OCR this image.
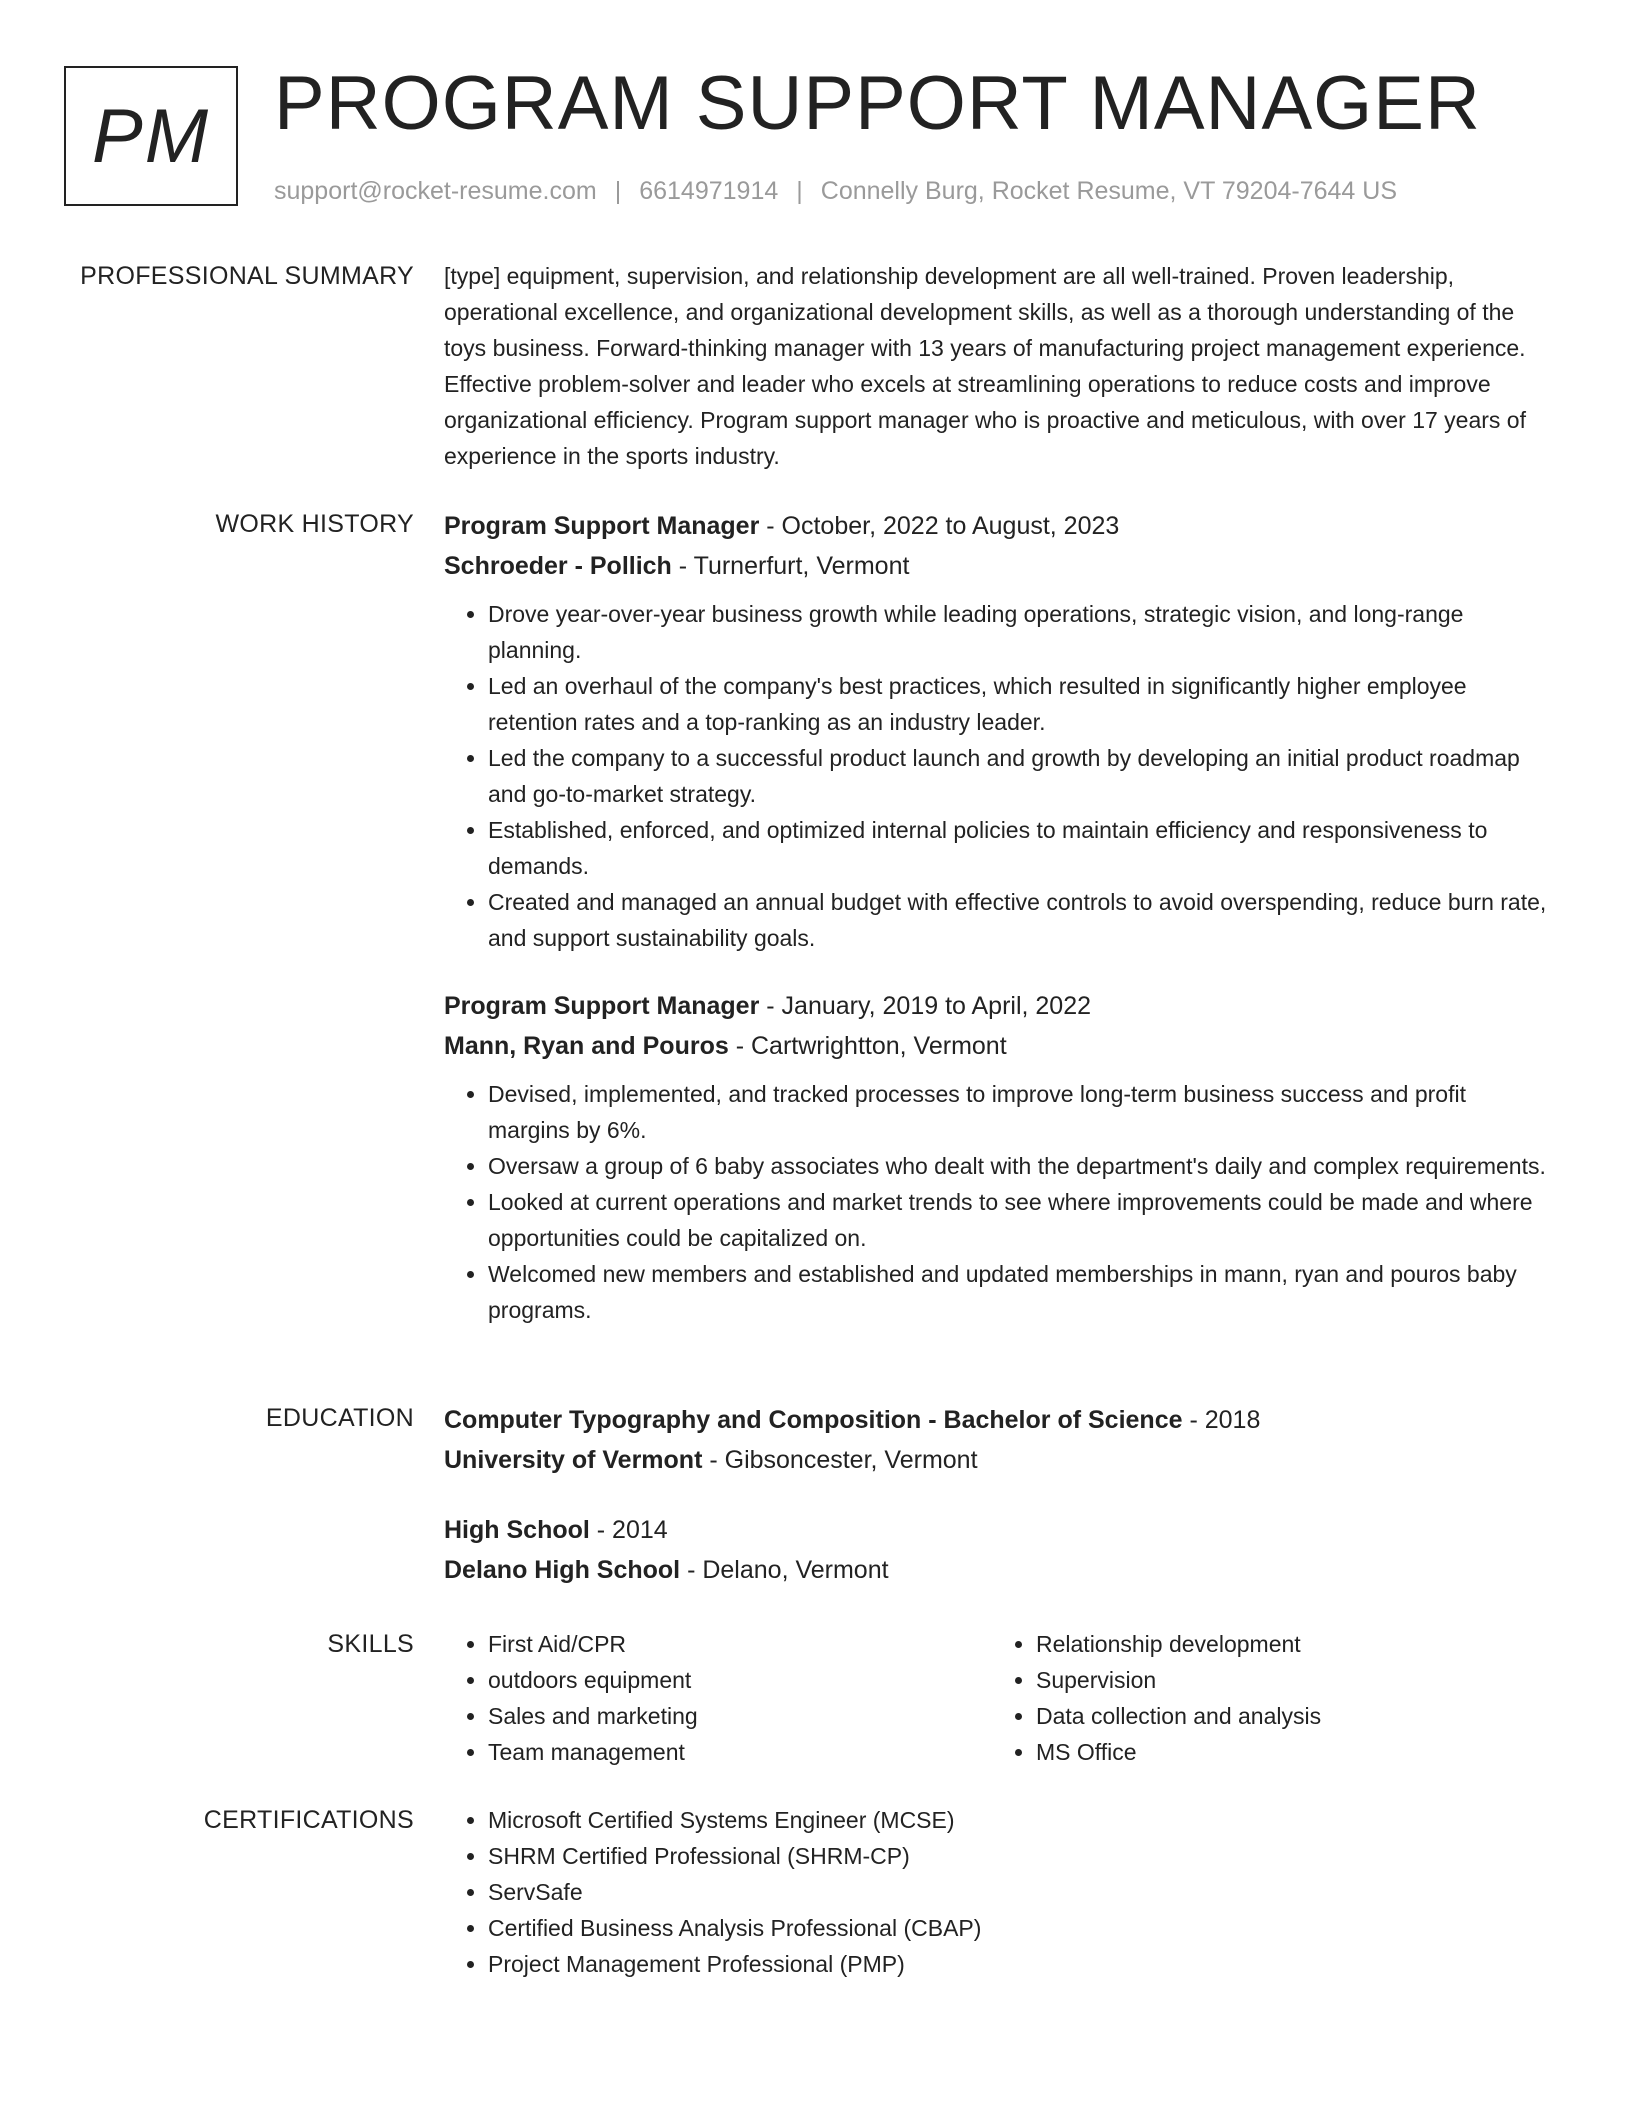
PM PROGRAM SUPPORT MANAGER
support@rocket-resume.com | 6614971914 | Connelly Burg, Rocket Resume, VT 79204-7644 US
PROFESSIONAL SUMMARY [type] equipment, supervision, and relationship development are all well-trained. Proven leadership, operational excellence, and organizational development skills, as well as a thorough understanding of the toys business. Forward-thinking manager with 13 years of manufacturing project management experience. Effective problem-solver and leader who excels at streamlining operations to reduce costs and improve organizational efficiency. Program support manager who is proactive and meticulous, with over 17 years of experience in the sports industry.

WORK HISTORY Program Support Manager - October, 2022 to August, 2023

Schroeder - Pollich - Turnerfurt, Vermont

• Drove year-over-year business growth while leading operations, strategic vision, and long-range planning.
• Led an overhaul of the company's best practices, which resulted in significantly higher employee retention rates and a top-ranking as an industry leader.
• Led the company to a successful product launch and growth by developing an initial product roadmap and go-to-market strategy.
• Established, enforced, and optimized internal policies to maintain efficiency and responsiveness to demands.
• Created and managed an annual budget with effective controls to avoid overspending, reduce burn rate, and support sustainability goals.

Program Support Manager - January, 2019 to April, 2022

Mann, Ryan and Pouros - Cartwrightton, Vermont

• Devised, implemented, and tracked processes to improve long-term business success and profit margins by 6%.
• Oversaw a group of 6 baby associates who dealt with the department's daily and complex requirements.
• Looked at current operations and market trends to see where improvements could be made and where opportunities could be capitalized on.
• Welcomed new members and established and updated memberships in mann, ryan and pouros baby programs.
EDUCATION Computer Typography and Composition - Bachelor of Science - 2018

University of Vermont - Gibsoncester, Vermont

High School - 2014

Delano High School - Delano, Vermont

SKILLS	• First Aid/CPR
• outdoors equipment
• Sales and marketing
• Team management
• Relationship development
• Supervision
• Data collection and analysis
• MS Office
CERTIFICATIONS	• Microsoft Certified Systems Engineer (MCSE)
• SHRM Certified Professional (SHRM-CP)
• ServSafe
• Certified Business Analysis Professional (CBAP)
• Project Management Professional (PMP)
